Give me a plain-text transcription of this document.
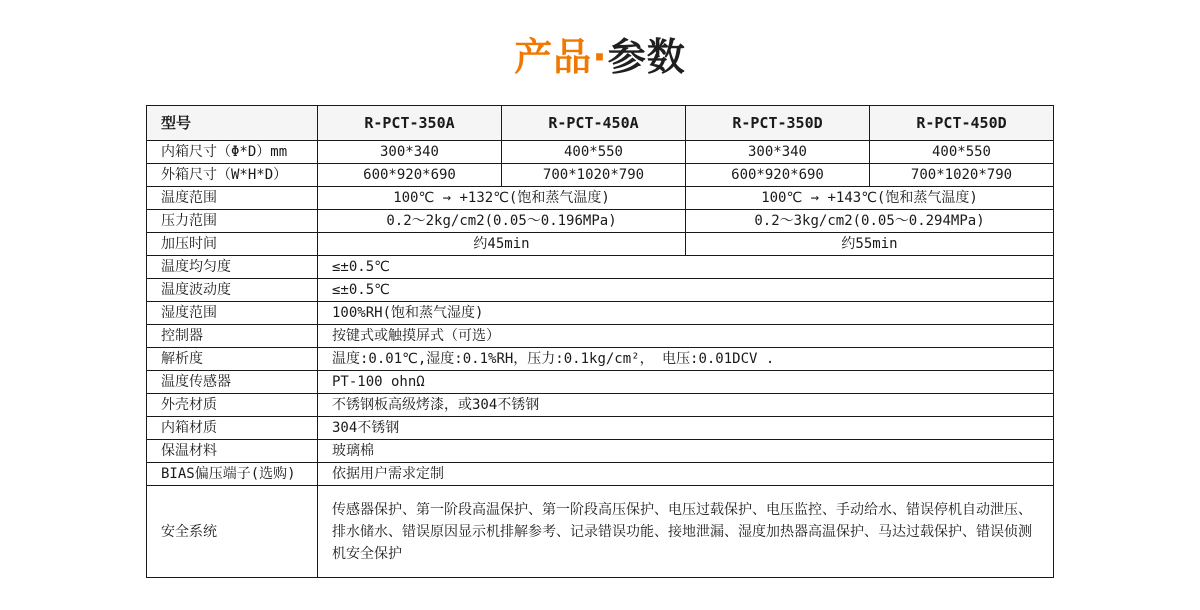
产品·参数
型号	R-PCT-350A	R-PCT-450A	R-PCT-350D	R-PCT-450D
内箱尺寸（Φ*D）mm	300*340	400*550	300*340	400*550
外箱尺寸（W*H*D）	600*920*690	700*1020*790	600*920*690	700*1020*790
温度范围	100℃ → +132℃(饱和蒸气温度)		100℃ → +143℃(饱和蒸气温度)	
压力范围	0.2～2kg/cm2(0.05～0.196MPa)		0.2～3kg/cm2(0.05～0.294MPa)	
加压时间	约45min		约55min	
温度均匀度	≤±0.5℃			
温度波动度	≤±0.5℃			
湿度范围	100%RH(饱和蒸气湿度)			
控制器	按键式或触摸屏式（可选）			
解析度	温度:0.01℃,湿度:0.1%RH，压力:0.1kg/cm²， 电压:0.01DCV .			
温度传感器	PT-100 ohnΩ			
外壳材质	不锈钢板高级烤漆，或304不锈钢			
内箱材质	304不锈钢			
保温材料	玻璃棉			
BIAS偏压端子(选购)	依据用户需求定制			
安全系统	传感器保护、第一阶段高温保护、第一阶段高压保护、电压过载保护、电压监控、手动给水、错误停机自动泄压、排水储水、错误原因显示机排解参考、记录错误功能、接地泄漏、湿度加热器高温保护、马达过载保护、错误侦测机安全保护			
